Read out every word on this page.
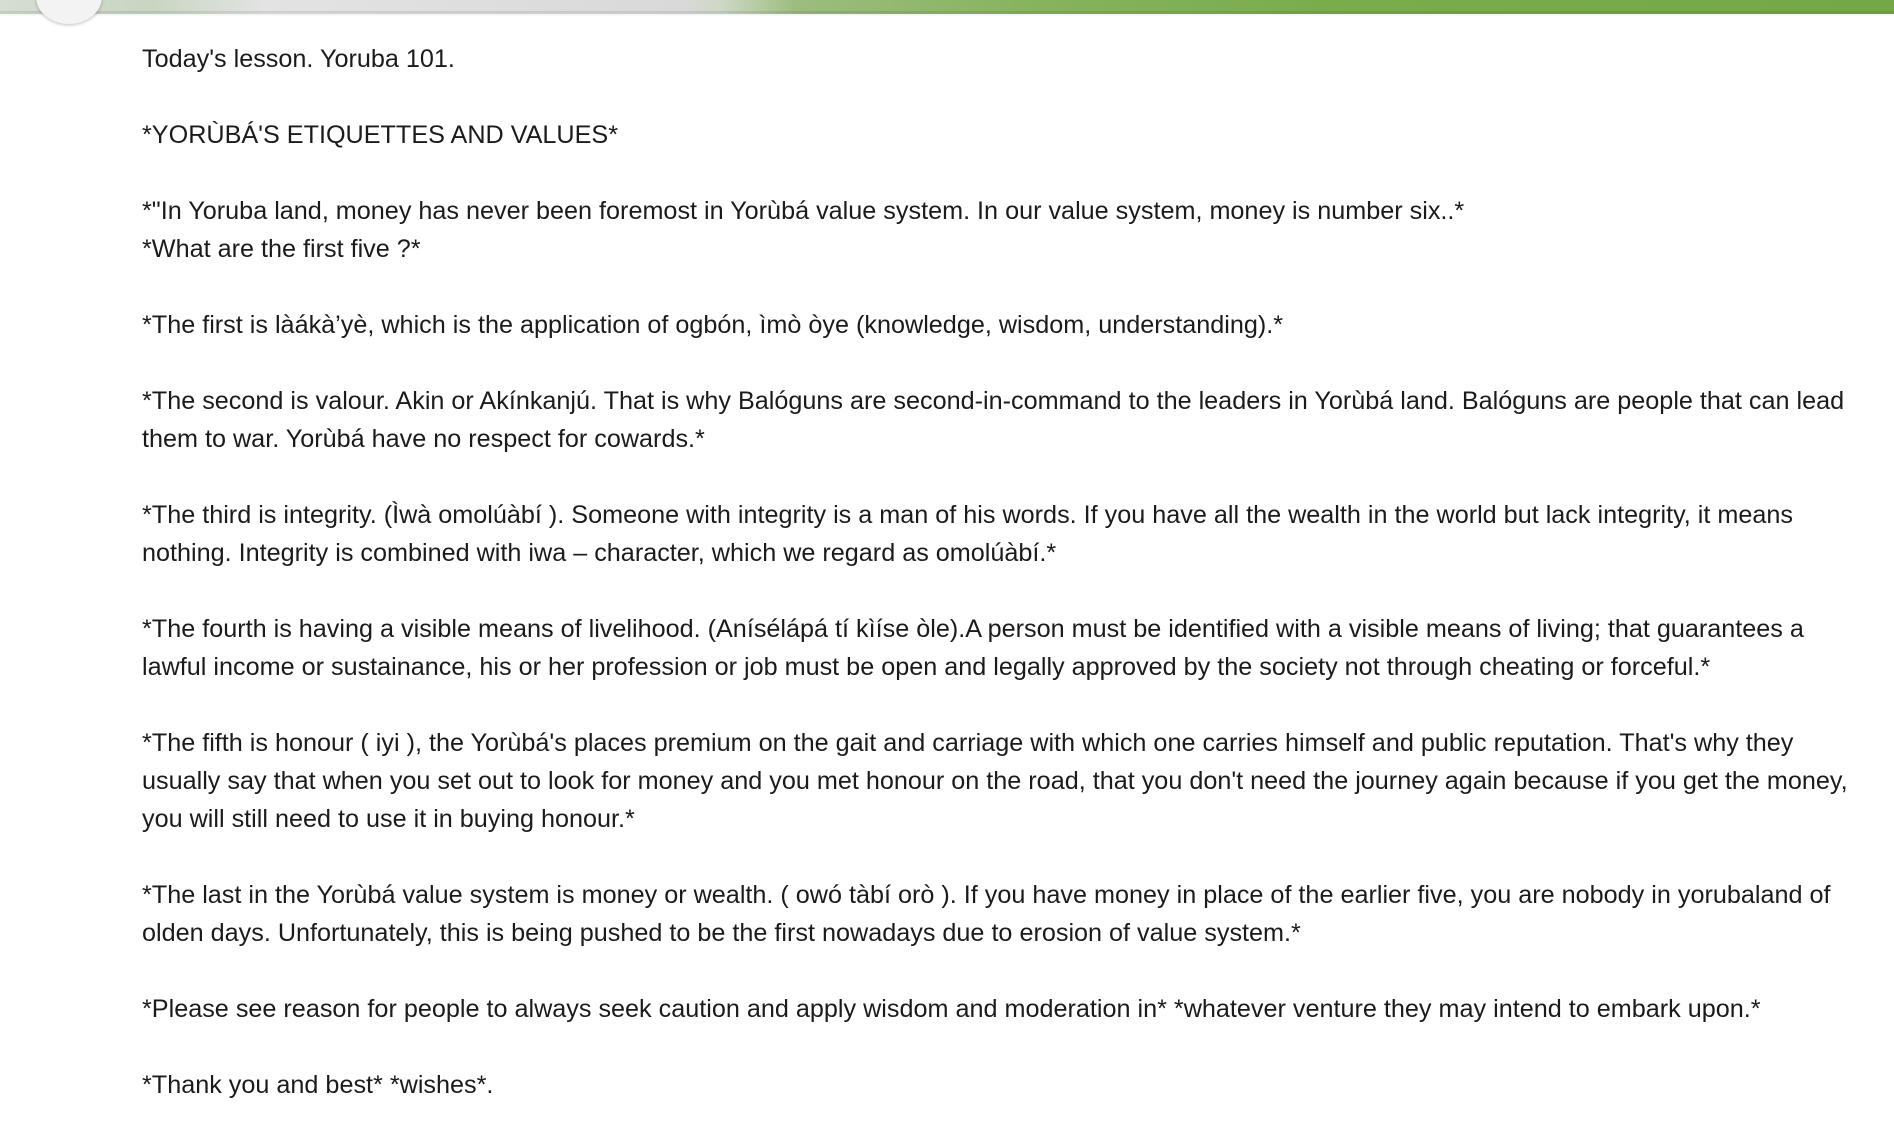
Today's lesson. Yoruba 101.

*YORÙBÁ'S ETIQUETTES AND VALUES*

*"In Yoruba land, money has never been foremost in Yorùbá value system. In our value system, money is number six..*
*What are the first five ?*

*The first is làákà’yè, which is the application of ogbón, ìmò òye (knowledge, wisdom, understanding).*

*The second is valour. Akin or Akínkanjú. That is why Balóguns are second-in-command to the leaders in Yorùbá land. Balóguns are people that can lead them to war. Yorùbá have no respect for cowards.*

*The third is integrity. (Ìwà omolúàbí ). Someone with integrity is a man of his words. If you have all the wealth in the world but lack integrity, it means nothing. Integrity is combined with iwa – character, which we regard as omolúàbí.*

*The fourth is having a visible means of livelihood. (Anísélápá tí kìíse òle).A person must be identified with a visible means of living; that guarantees a lawful income or sustainance, his or her profession or job must be open and legally approved by the society not through cheating or forceful.*

*The fifth is honour ( iyi ), the Yorùbá's places premium on the gait and carriage with which one carries himself and public reputation. That's why they usually say that when you set out to look for money and you met honour on the road, that you don't need the journey again because if you get the money, you will still need to use it in buying honour.*

*The last in the Yorùbá value system is money or wealth. ( owó tàbí orò ). If you have money in place of the earlier five, you are nobody in yorubaland of olden days. Unfortunately, this is being pushed to be the first nowadays due to erosion of value system.*

*Please see reason for people to always seek caution and apply wisdom and moderation in* *whatever venture they may intend to embark upon.*

*Thank you and best* *wishes*.
